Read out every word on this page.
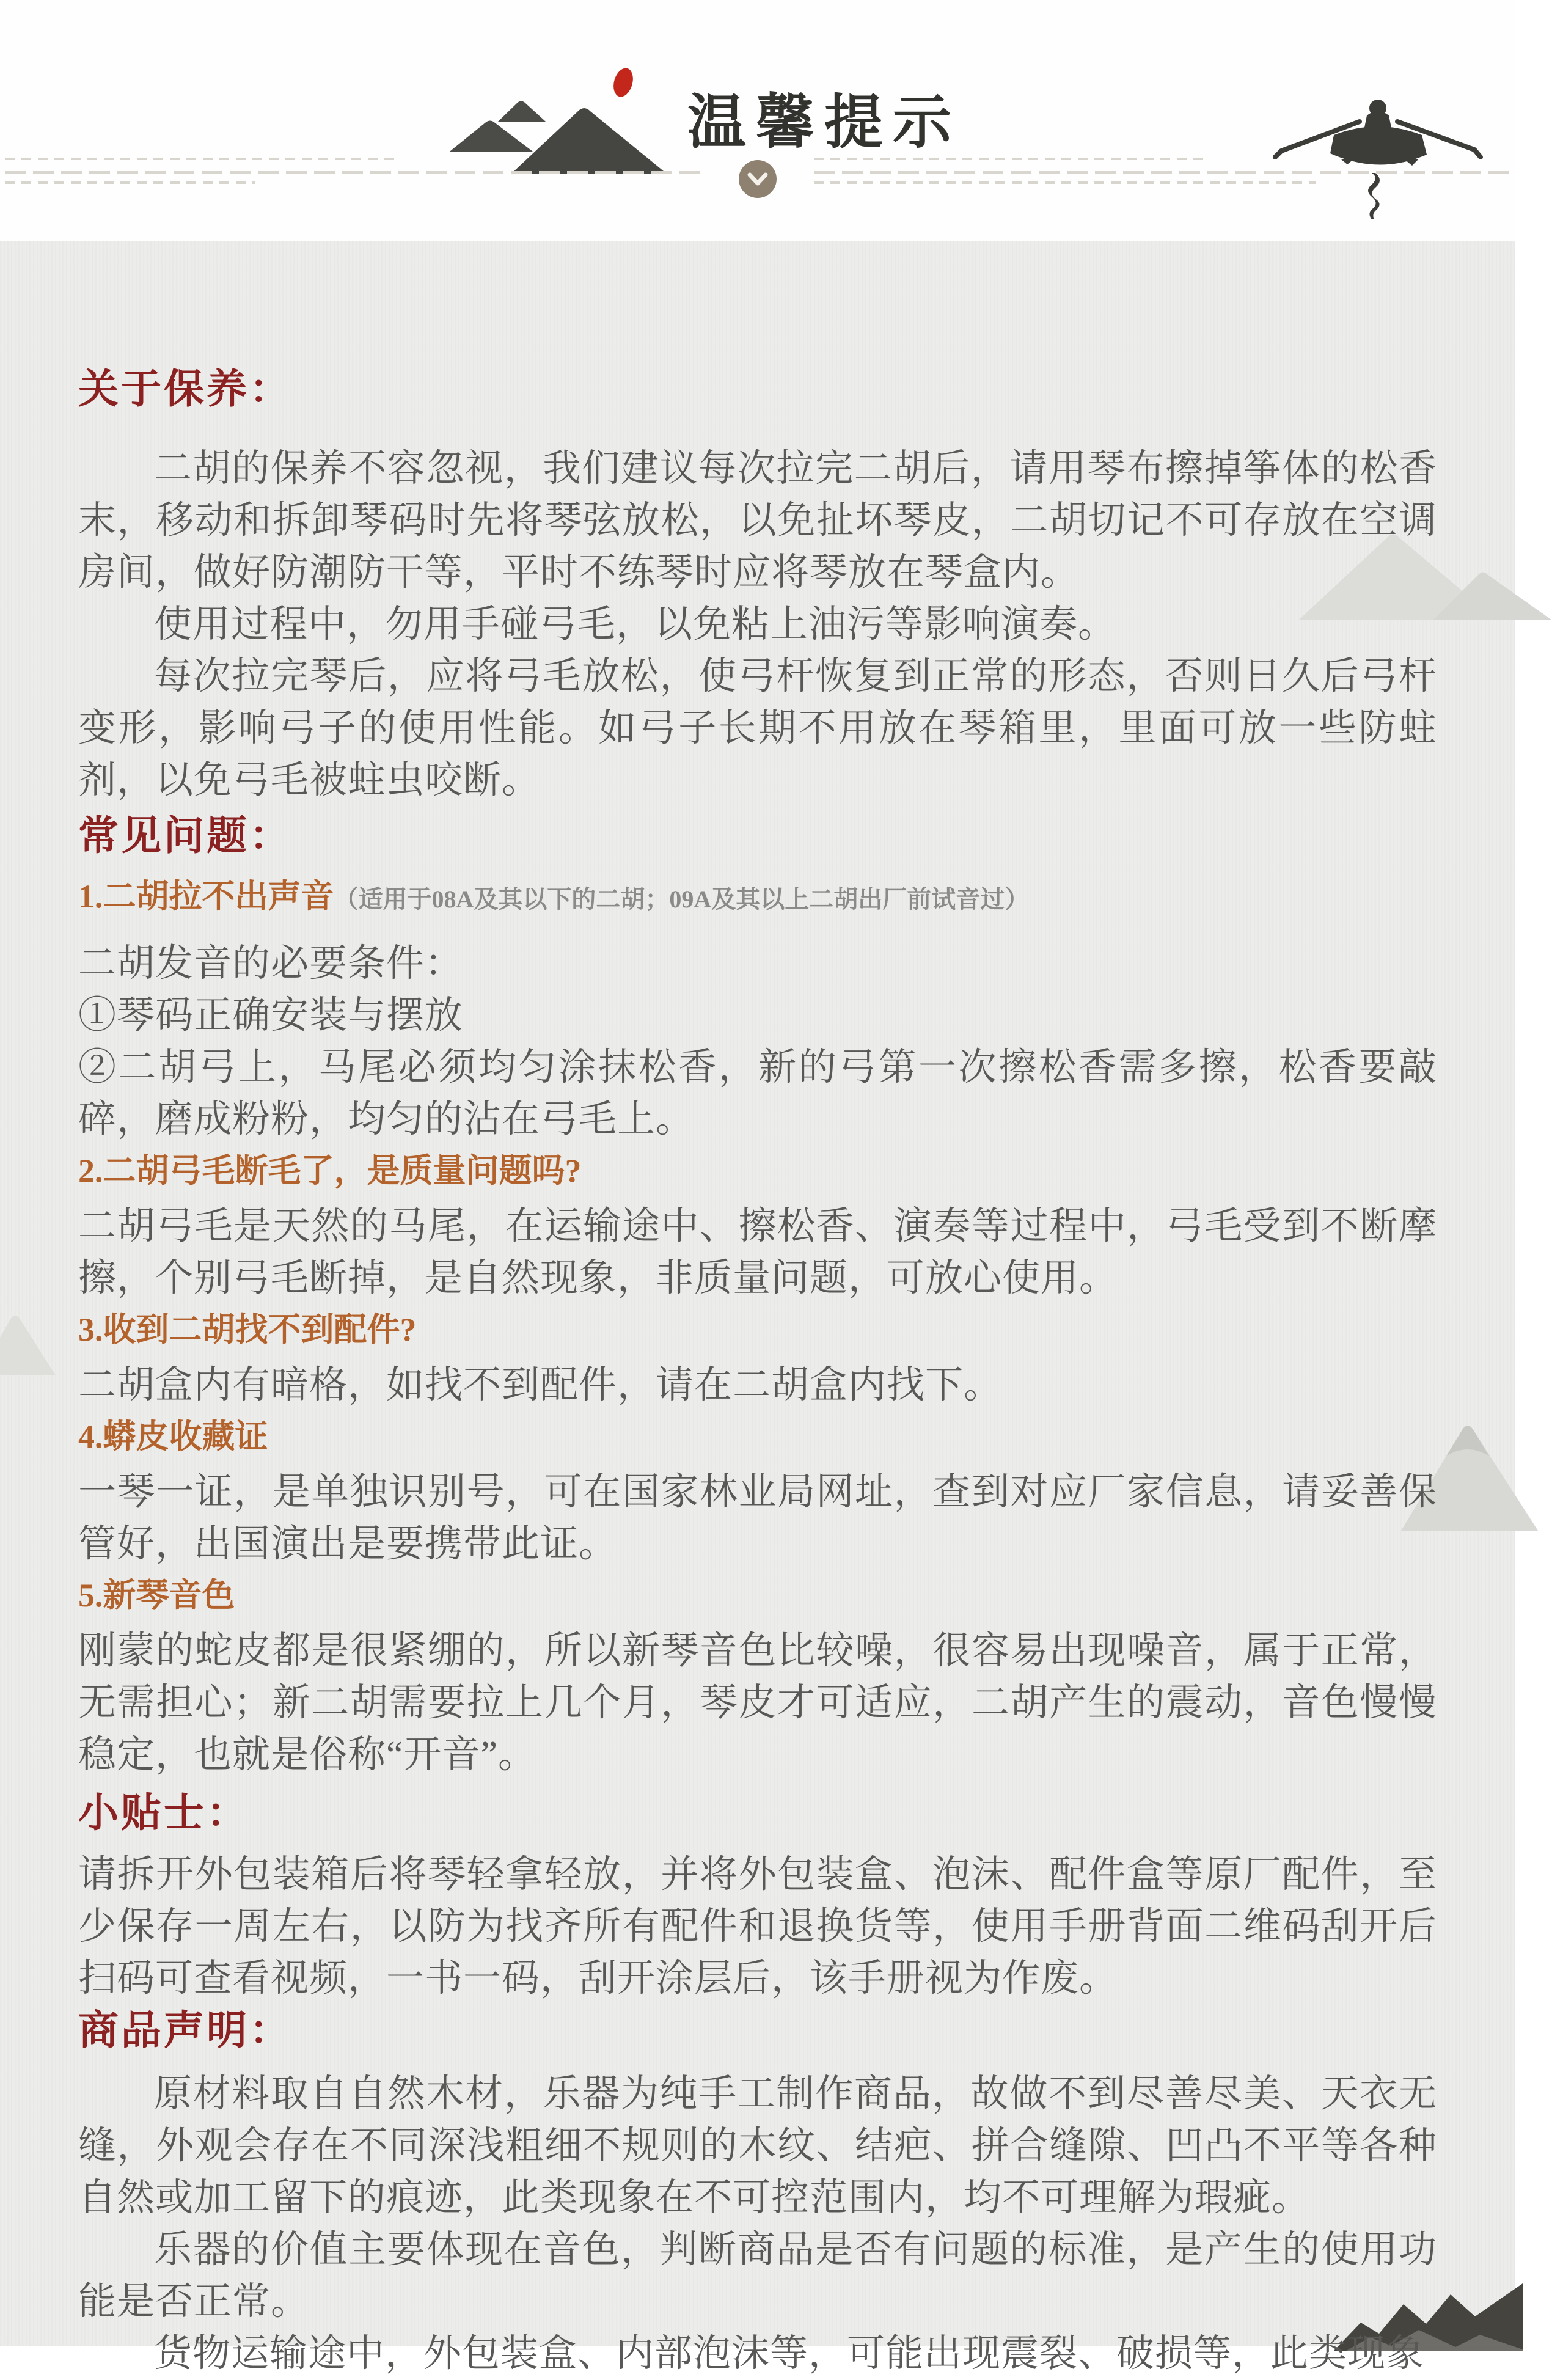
温馨提示
关于保养：

二胡的保养不容忽视，我们建议每次拉完二胡后，请用琴布擦掉筝体的松香末，移动和拆卸琴码时先将琴弦放松，以免扯坏琴皮，二胡切记不可存放在空调房间，做好防潮防干等，平时不练琴时应将琴放在琴盒内。

使用过程中，勿用手碰弓毛，以免粘上油污等影响演奏。

每次拉完琴后，应将弓毛放松，使弓杆恢复到正常的形态，否则日久后弓杆变形，影响弓子的使用性能。如弓子长期不用放在琴箱里，里面可放一些防蛀剂，以免弓毛被蛀虫咬断。

常见问题：
1.二胡拉不出声音（适用于08A及其以下的二胡；09A及其以上二胡出厂前试音过）

二胡发音的必要条件：

①琴码正确安装与摆放

②二胡弓上，马尾必须均匀涂抹松香，新的弓第一次擦松香需多擦，松香要敲碎，磨成粉粉，均匀的沾在弓毛上。

2.二胡弓毛断毛了，是质量问题吗?

二胡弓毛是天然的马尾，在运输途中、擦松香、演奏等过程中，弓毛受到不断摩擦，个别弓毛断掉，是自然现象，非质量问题，可放心使用。

3.收到二胡找不到配件?

二胡盒内有暗格，如找不到配件，请在二胡盒内找下。

4.蟒皮收藏证

一琴一证，是单独识别号，可在国家林业局网址，查到对应厂家信息，请妥善保管好，出国演出是要携带此证。

5.新琴音色

刚蒙的蛇皮都是很紧绷的，所以新琴音色比较噪，很容易出现噪音，属于正常，无需担心；新二胡需要拉上几个月，琴皮才可适应，二胡产生的震动，音色慢慢稳定，也就是俗称“开音”。

小贴士：

请拆开外包装箱后将琴轻拿轻放，并将外包装盒、泡沫、配件盒等原厂配件，至少保存一周左右，以防为找齐所有配件和退换货等，使用手册背面二维码刮开后扫码可查看视频，一书一码，刮开涂层后，该手册视为作废。

商品声明：

原材料取自自然木材，乐器为纯手工制作商品，故做不到尽善尽美、天衣无缝，外观会存在不同深浅粗细不规则的木纹、结疤、拼合缝隙、凹凸不平等各种自然或加工留下的痕迹，此类现象在不可控范围内，均不可理解为瑕疵。

乐器的价值主要体现在音色，判断商品是否有问题的标准，是产生的使用功能是否正常。

货物运输途中，外包装盒、内部泡沫等，可能出现震裂、破损等，此类现象
